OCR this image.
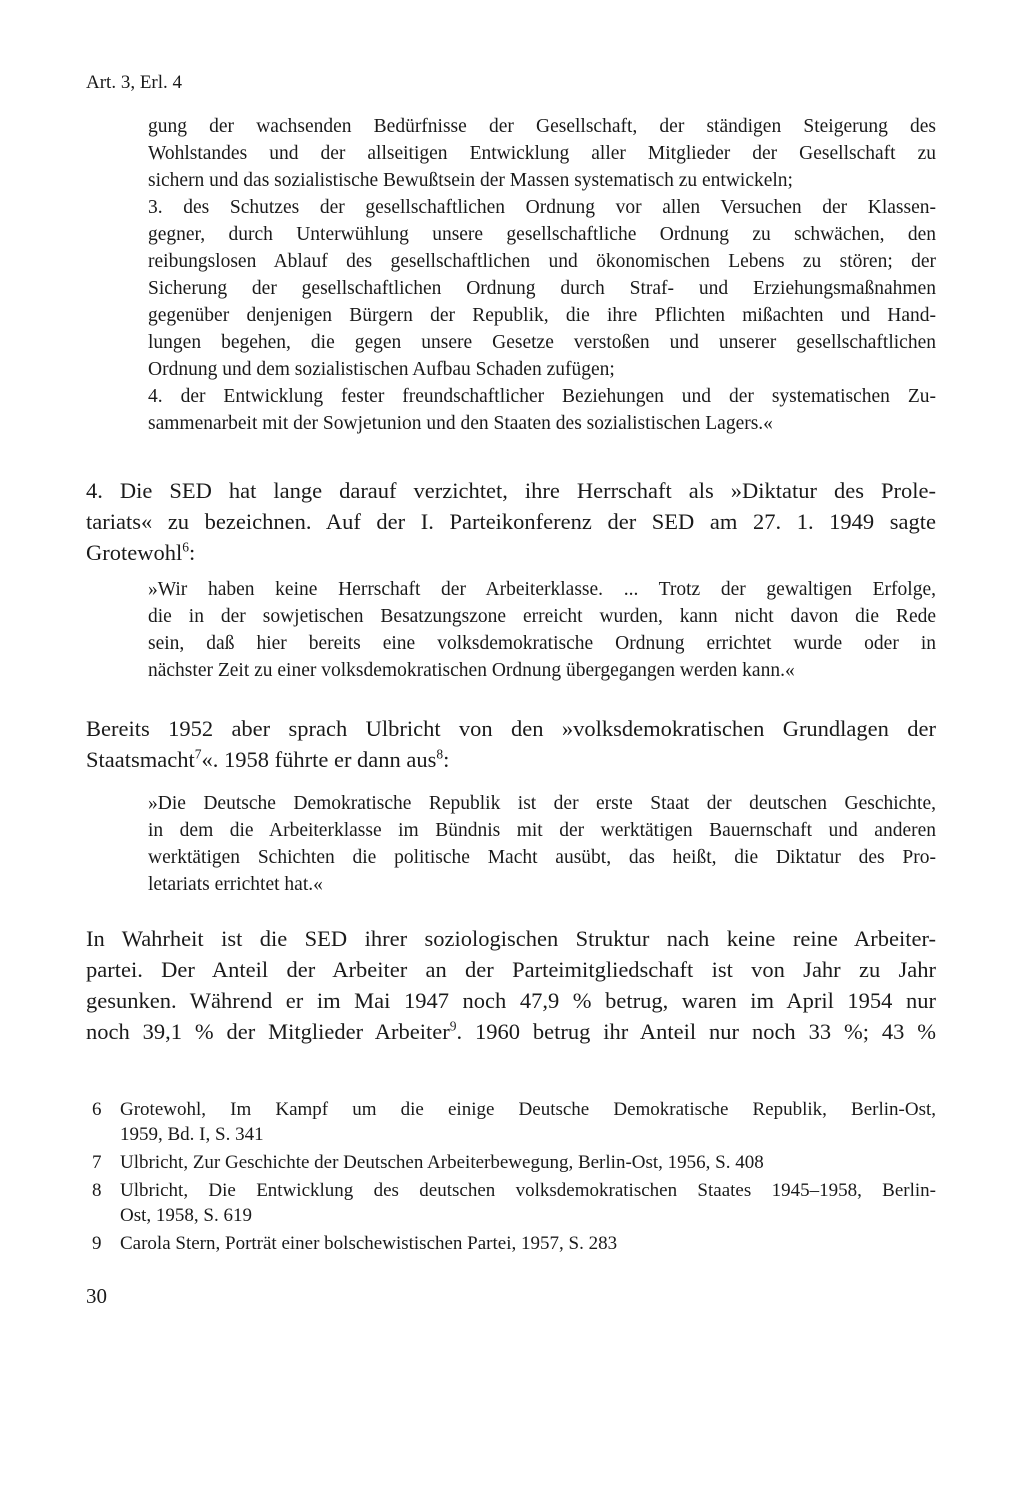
Art. 3, Erl. 4
gung der wachsenden Bedürfnisse der Gesellschaft, der ständigen Steigerung des
Wohlstandes und der allseitigen Entwicklung aller Mitglieder der Gesellschaft zu
sichern und das sozialistische Bewußtsein der Massen systematisch zu entwickeln;
3. des Schutzes der gesellschaftlichen Ordnung vor allen Versuchen der Klassen-
gegner, durch Unterwühlung unsere gesellschaftliche Ordnung zu schwächen, den
reibungslosen Ablauf des gesellschaftlichen und ökonomischen Lebens zu stören; der
Sicherung der gesellschaftlichen Ordnung durch Straf- und Erziehungsmaßnahmen
gegenüber denjenigen Bürgern der Republik, die ihre Pflichten mißachten und Hand-
lungen begehen, die gegen unsere Gesetze verstoßen und unserer gesellschaftlichen
Ordnung und dem sozialistischen Aufbau Schaden zufügen;
4. der Entwicklung fester freundschaftlicher Beziehungen und der systematischen Zu-
sammenarbeit mit der Sowjetunion und den Staaten des sozialistischen Lagers.«
4. Die SED hat lange darauf verzichtet, ihre Herrschaft als »Diktatur des Prole-
tariats« zu bezeichnen. Auf der I. Parteikonferenz der SED am 27. 1. 1949 sagte
Grotewohl$^6$:
»Wir haben keine Herrschaft der Arbeiterklasse. ... Trotz der gewaltigen Erfolge,
die in der sowjetischen Besatzungszone erreicht wurden, kann nicht davon die Rede
sein, daß hier bereits eine volksdemokratische Ordnung errichtet wurde oder in
nächster Zeit zu einer volksdemokratischen Ordnung übergegangen werden kann.«
Bereits 1952 aber sprach Ulbricht von den »volksdemokratischen Grundlagen der
Staatsmacht$^7$«. 1958 führte er dann aus$^8$:
»Die Deutsche Demokratische Republik ist der erste Staat der deutschen Geschichte,
in dem die Arbeiterklasse im Bündnis mit der werktätigen Bauernschaft und anderen
werktätigen Schichten die politische Macht ausübt, das heißt, die Diktatur des Pro-
letariats errichtet hat.«
In Wahrheit ist die SED ihrer soziologischen Struktur nach keine reine Arbeiter-
partei. Der Anteil der Arbeiter an der Parteimitgliedschaft ist von Jahr zu Jahr
gesunken. Während er im Mai 1947 noch 47,9 % betrug, waren im April 1954 nur
noch 39,1 % der Mitglieder Arbeiter$^9$. 1960 betrug ihr Anteil nur noch 33 %; 43 %
6 Grotewohl, Im Kampf um die einige Deutsche Demokratische Republik, Berlin-Ost,
1959, Bd. I, S. 341
7 Ulbricht, Zur Geschichte der Deutschen Arbeiterbewegung, Berlin-Ost, 1956, S. 408
8 Ulbricht, Die Entwicklung des deutschen volksdemokratischen Staates 1945–1958, Berlin-
Ost, 1958, S. 619
9 Carola Stern, Porträt einer bolschewistischen Partei, 1957, S. 283
30
